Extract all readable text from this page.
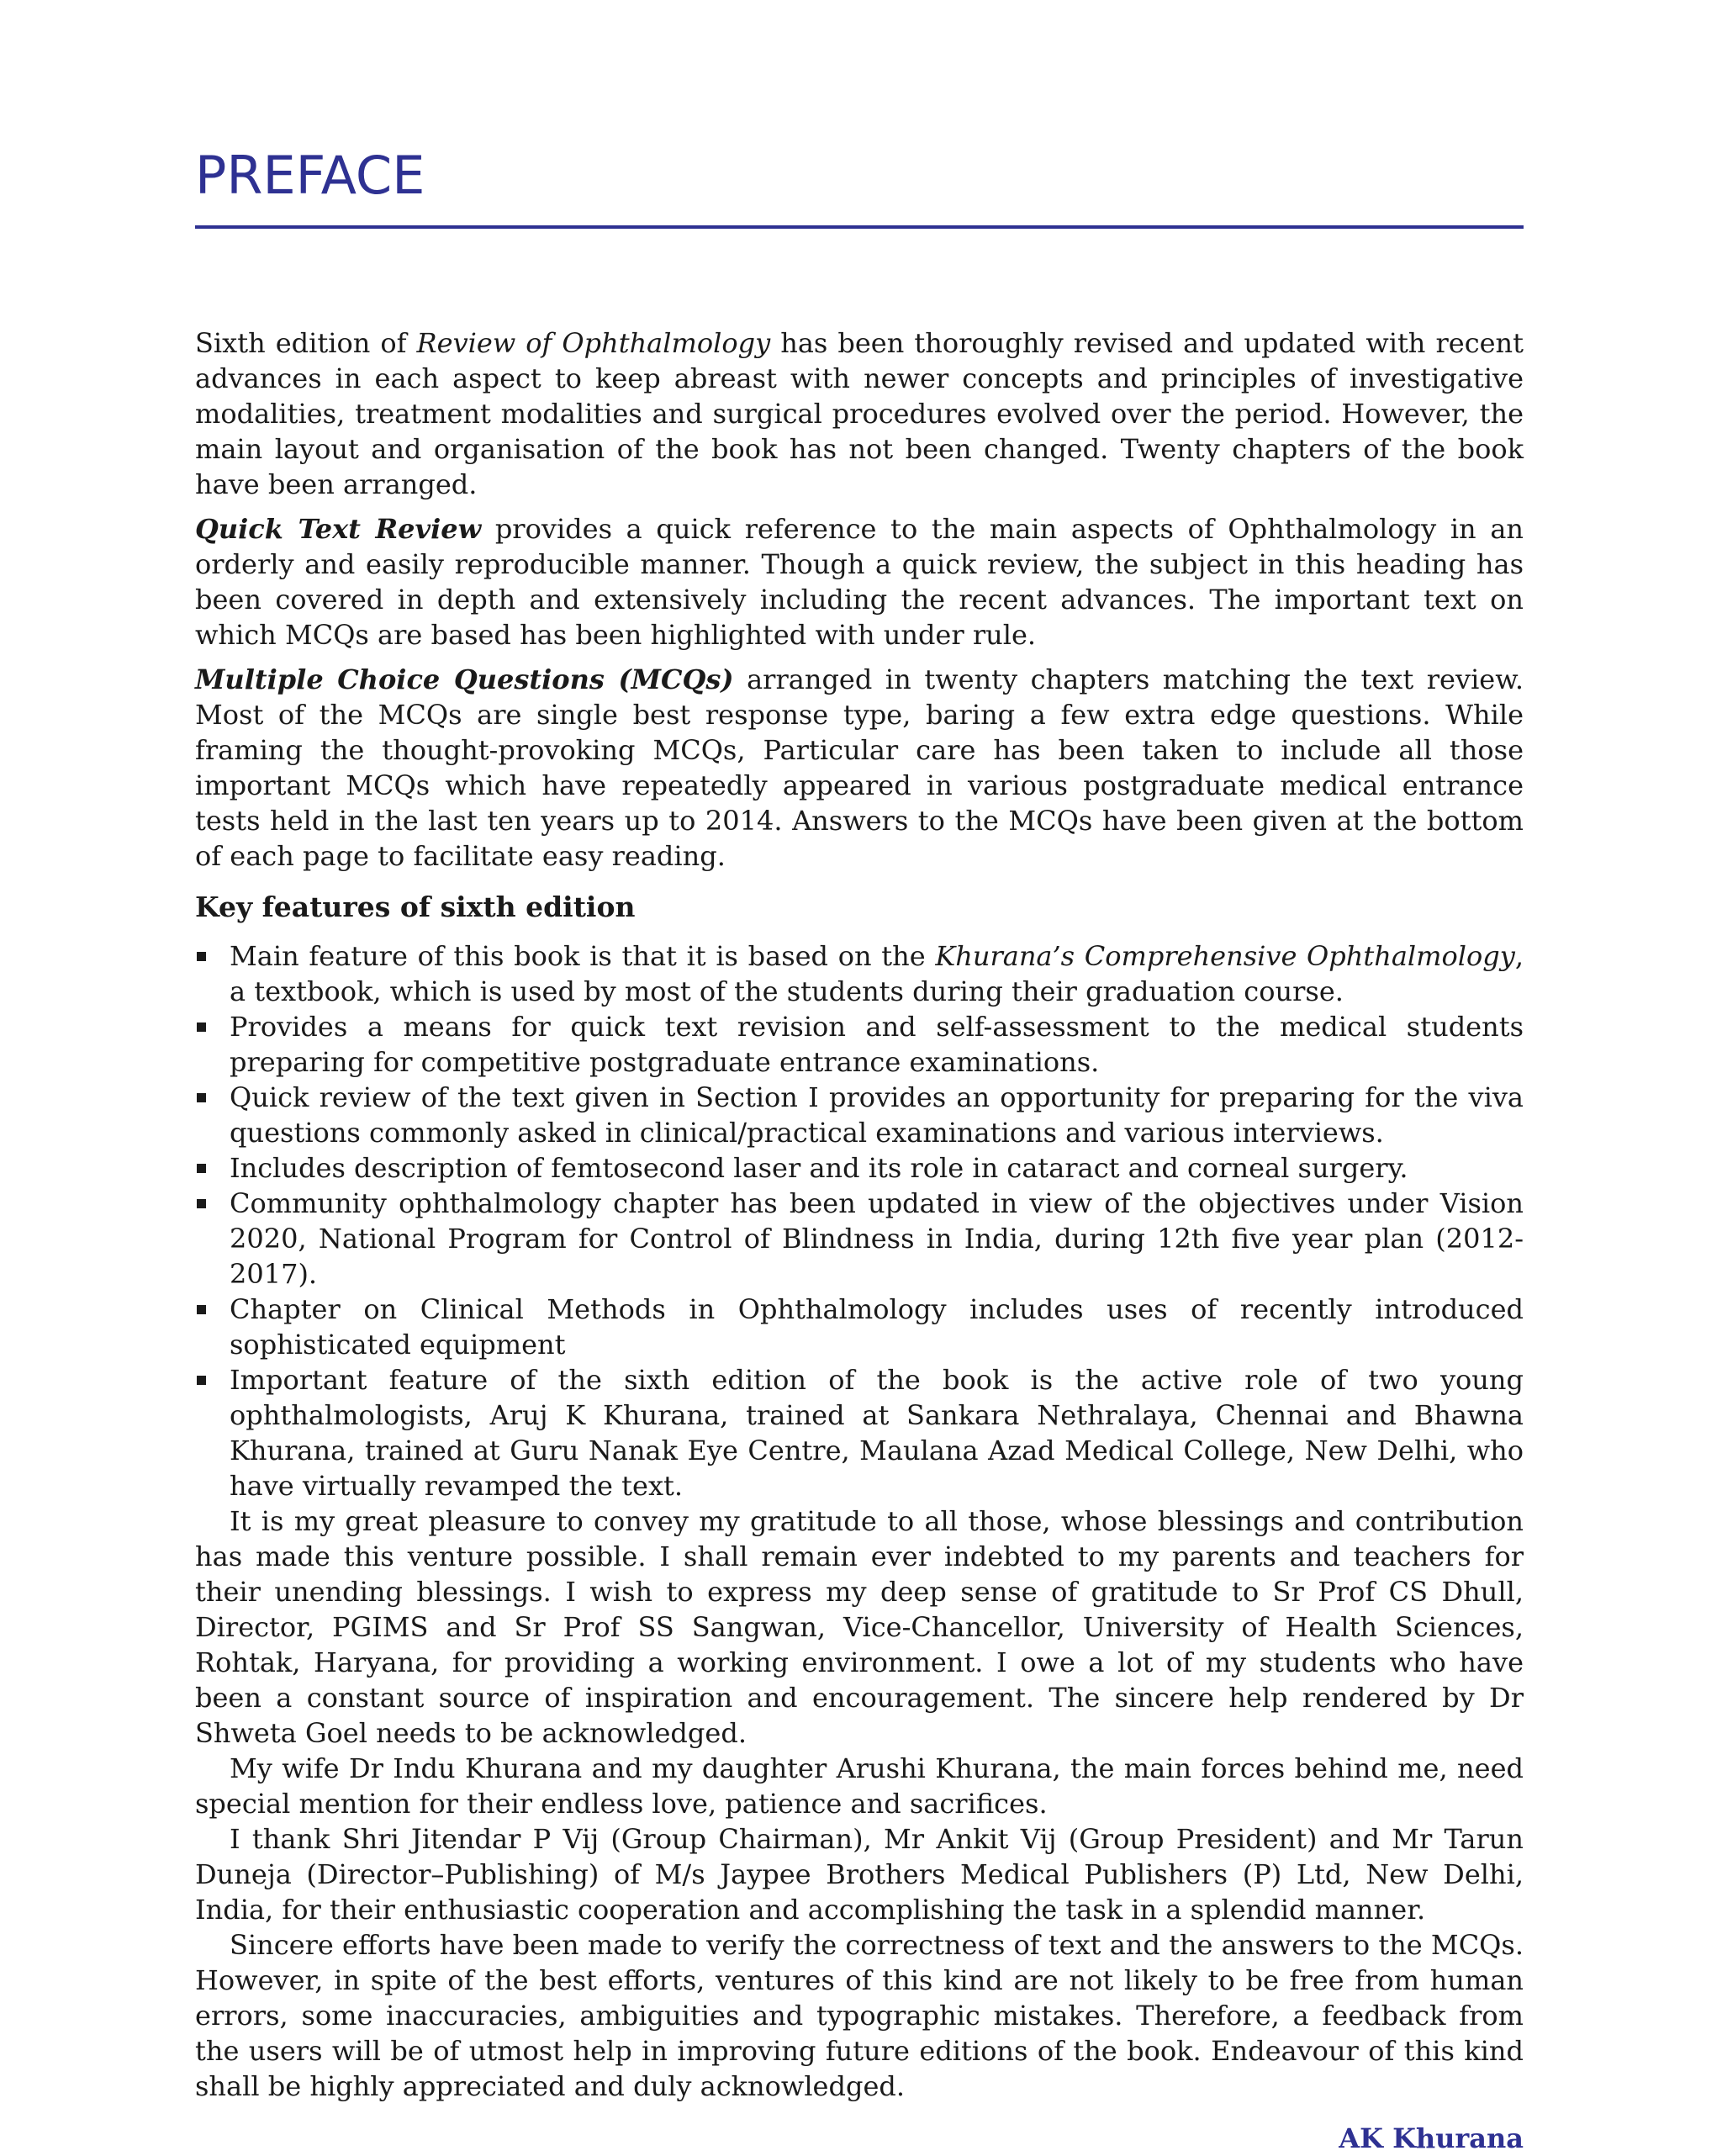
PREFACE

Sixth edition of Review of Ophthalmology has been thoroughly revised and updated with recent advances in each aspect to keep abreast with newer concepts and principles of investigative modalities, treatment modalities and surgical procedures evolved over the period. However, the main layout and organisation of the book has not been changed. Twenty chapters of the book have been arranged.

Quick Text Review provides a quick reference to the main aspects of Ophthalmology in an orderly and easily reproducible manner. Though a quick review, the subject in this heading has been covered in depth and extensively including the recent advances. The important text on which MCQs are based has been highlighted with under rule.

Multiple Choice Questions (MCQs) arranged in twenty chapters matching the text review. Most of the MCQs are single best response type, baring a few extra edge questions. While framing the thought-provoking MCQs, Particular care has been taken to include all those important MCQs which have repeatedly appeared in various postgraduate medical entrance tests held in the last ten years up to 2014. Answers to the MCQs have been given at the bottom of each page to facilitate easy reading.

Key features of sixth edition
Main feature of this book is that it is based on the Khurana’s Comprehensive Ophthalmology, a textbook, which is used by most of the students during their graduation course.
Provides a means for quick text revision and self-assessment to the medical students preparing for competitive postgraduate entrance examinations.
Quick review of the text given in Section I provides an opportunity for preparing for the viva questions commonly asked in clinical/practical examinations and various interviews.
Includes description of femtosecond laser and its role in cataract and corneal surgery.
Community ophthalmology chapter has been updated in view of the objectives under Vision 2020, National Program for Control of Blindness in India, during 12th five year plan (2012-2017).
Chapter on Clinical Methods in Ophthalmology includes uses of recently introduced sophisticated equipment
Important feature of the sixth edition of the book is the active role of two young ophthalmologists, Aruj K Khurana, trained at Sankara Nethralaya, Chennai and Bhawna Khurana, trained at Guru Nanak Eye Centre, Maulana Azad Medical College, New Delhi, who have virtually revamped the text.

It is my great pleasure to convey my gratitude to all those, whose blessings and contribution has made this venture possible. I shall remain ever indebted to my parents and teachers for their unending blessings. I wish to express my deep sense of gratitude to Sr Prof CS Dhull, Director, PGIMS and Sr Prof SS Sangwan, Vice-Chancellor, University of Health Sciences, Rohtak, Haryana, for providing a working environment. I owe a lot of my students who have been a constant source of inspiration and encouragement. The sincere help rendered by Dr Shweta Goel needs to be acknowledged.

My wife Dr Indu Khurana and my daughter Arushi Khurana, the main forces behind me, need special mention for their endless love, patience and sacrifices.

I thank Shri Jitendar P Vij (Group Chairman), Mr Ankit Vij (Group President) and Mr Tarun Duneja (Director–Publishing) of M/s Jaypee Brothers Medical Publishers (P) Ltd, New Delhi, India, for their enthusiastic cooperation and accomplishing the task in a splendid manner.

Sincere efforts have been made to verify the correctness of text and the answers to the MCQs. However, in spite of the best efforts, ventures of this kind are not likely to be free from human errors, some inaccuracies, ambiguities and typographic mistakes. Therefore, a feedback from the users will be of utmost help in improving future editions of the book. Endeavour of this kind shall be highly appreciated and duly acknowledged.

AK Khurana
